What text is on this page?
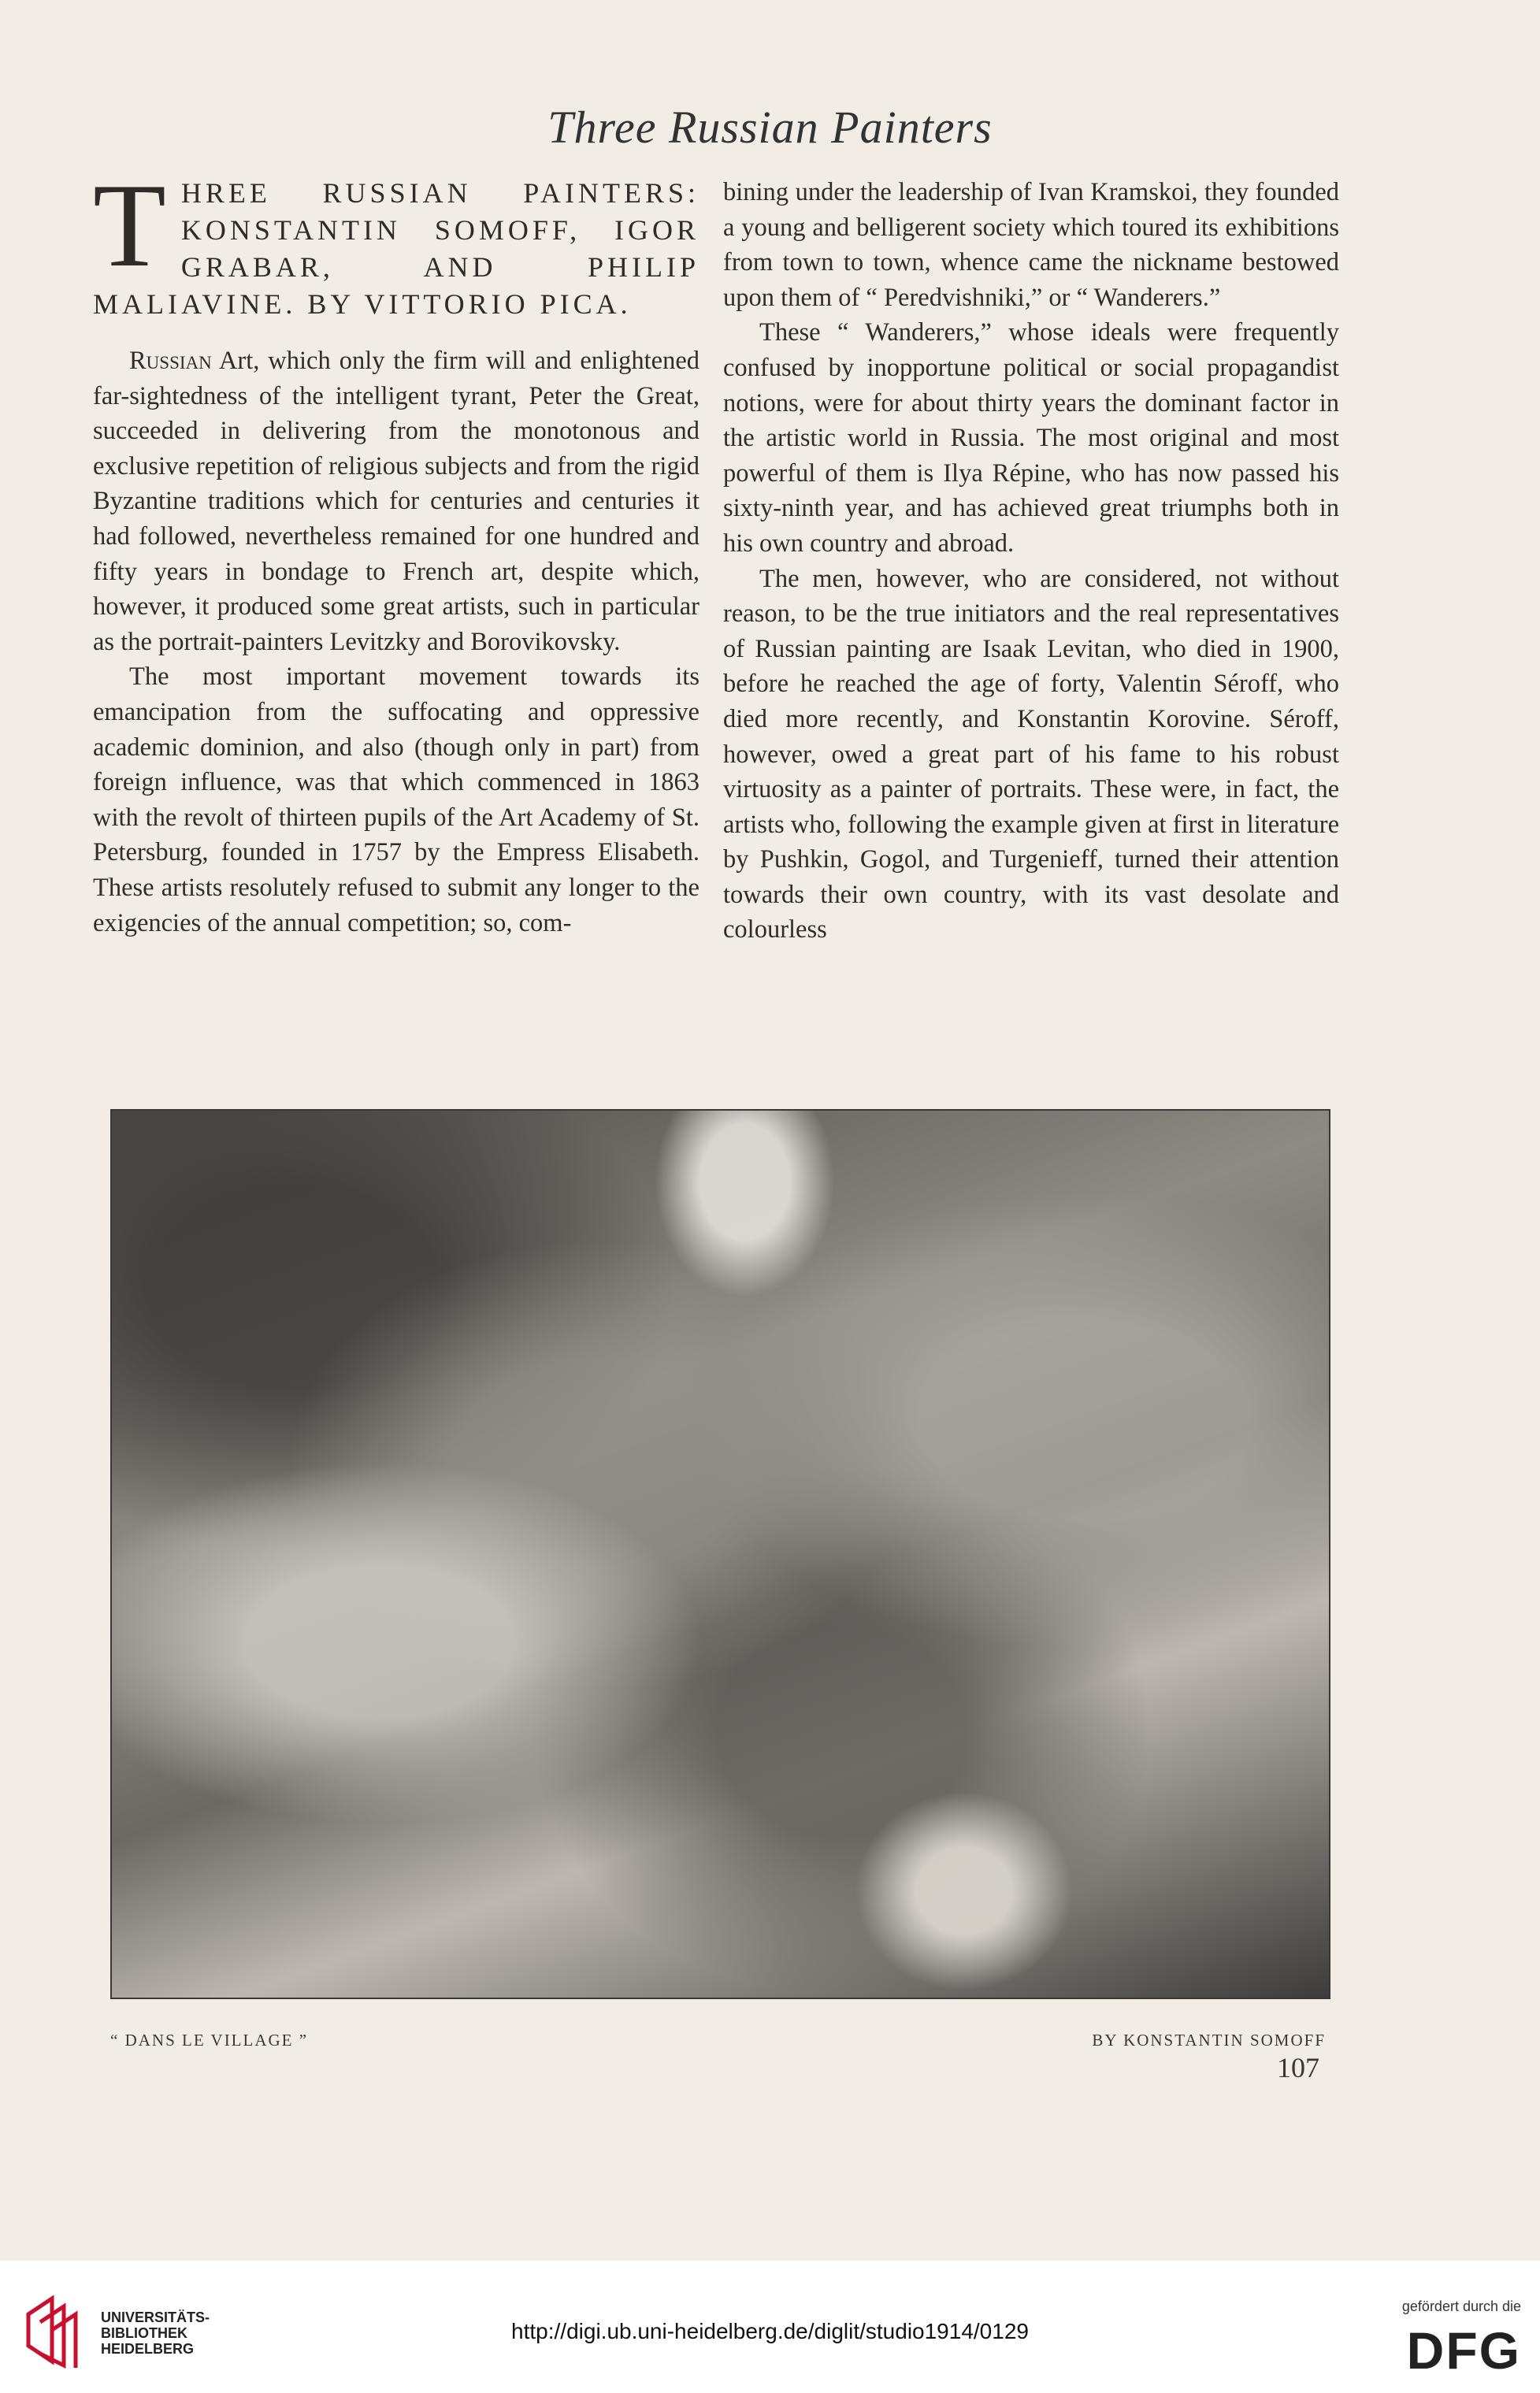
Three Russian Painters
THREE RUSSIAN PAINTERS: KONSTANTIN SOMOFF, IGOR GRABAR, AND PHILIP MALIAVINE. BY VITTORIO PICA.

Russian Art, which only the firm will and enlightened far-sightedness of the intelligent tyrant, Peter the Great, succeeded in delivering from the monotonous and exclusive repetition of religious subjects and from the rigid Byzantine traditions which for centuries and centuries it had followed, nevertheless remained for one hundred and fifty years in bondage to French art, despite which, however, it produced some great artists, such in particular as the portrait-painters Levitzky and Borovikovsky.

The most important movement towards its emancipation from the suffocating and oppressive academic dominion, and also (though only in part) from foreign influence, was that which commenced in 1863 with the revolt of thirteen pupils of the Art Academy of St. Petersburg, founded in 1757 by the Empress Elisabeth. These artists resolutely refused to submit any longer to the exigencies of the annual competition; so, com-

bining under the leadership of Ivan Kramskoi, they founded a young and belligerent society which toured its exhibitions from town to town, whence came the nickname bestowed upon them of “ Peredvishniki,” or “ Wanderers.”

These “ Wanderers,” whose ideals were frequently confused by inopportune political or social propagandist notions, were for about thirty years the dominant factor in the artistic world in Russia. The most original and most powerful of them is Ilya Répine, who has now passed his sixty-ninth year, and has achieved great triumphs both in his own country and abroad.

The men, however, who are considered, not without reason, to be the true initiators and the real representatives of Russian painting are Isaak Levitan, who died in 1900, before he reached the age of forty, Valentin Séroff, who died more recently, and Konstantin Korovine. Séroff, however, owed a great part of his fame to his robust virtuosity as a painter of portraits. These were, in fact, the artists who, following the example given at first in literature by Pushkin, Gogol, and Turgenieff, turned their attention towards their own country, with its vast desolate and colourless

“ DANS LE VILLAGE ”	BY KONSTANTIN SOMOFF
107
UNIVERSITÄTS-
BIBLIOTHEK
HEIDELBERG
http://digi.ub.uni-heidelberg.de/diglit/studio1914/0129
gefördert durch die
DFG
